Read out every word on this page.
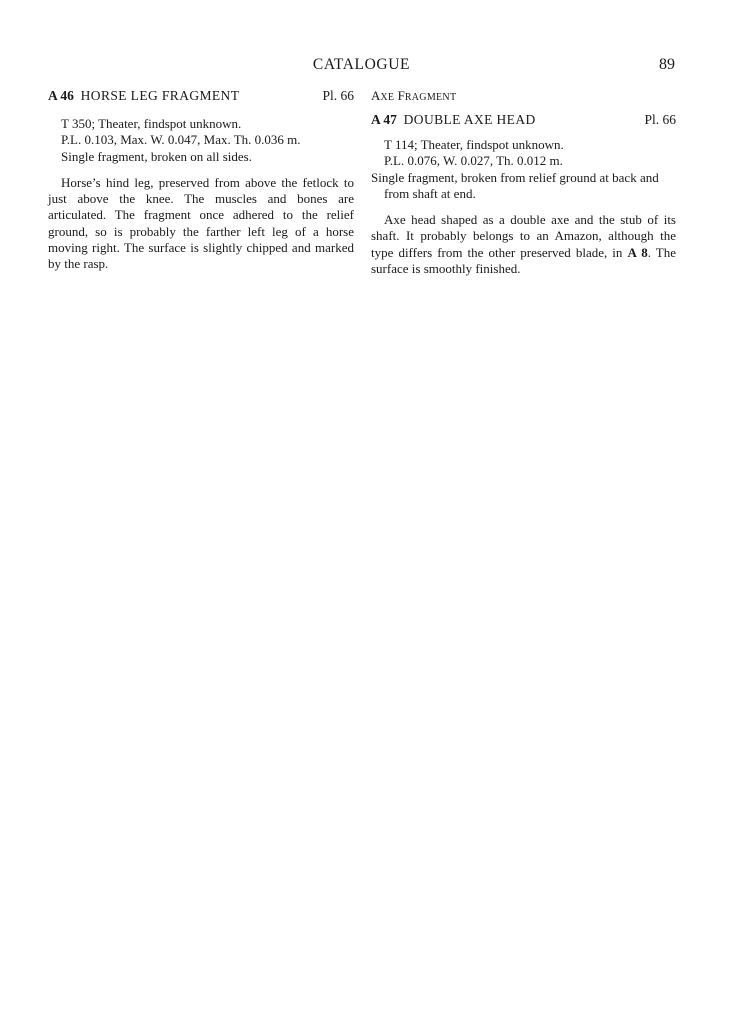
CATALOGUE	89
A 46 HORSE LEG FRAGMENT	Pl. 66
T 350; Theater, findspot unknown.
P.L. 0.103, Max. W. 0.047, Max. Th. 0.036 m.
Single fragment, broken on all sides.

Horse’s hind leg, preserved from above the fetlock to just above the knee. The muscles and bones are articulated. The fragment once adhered to the relief ground, so is probably the farther left leg of a horse moving right. The surface is slightly chipped and marked by the rasp.

AXE FRAGMENT
A 47 DOUBLE AXE HEAD	Pl. 66
T 114; Theater, findspot unknown.
P.L. 0.076, W. 0.027, Th. 0.012 m.
Single fragment, broken from relief ground at back and from shaft at end.

Axe head shaped as a double axe and the stub of its shaft. It probably belongs to an Amazon, although the type differs from the other preserved blade, in A 8. The surface is smoothly finished.
